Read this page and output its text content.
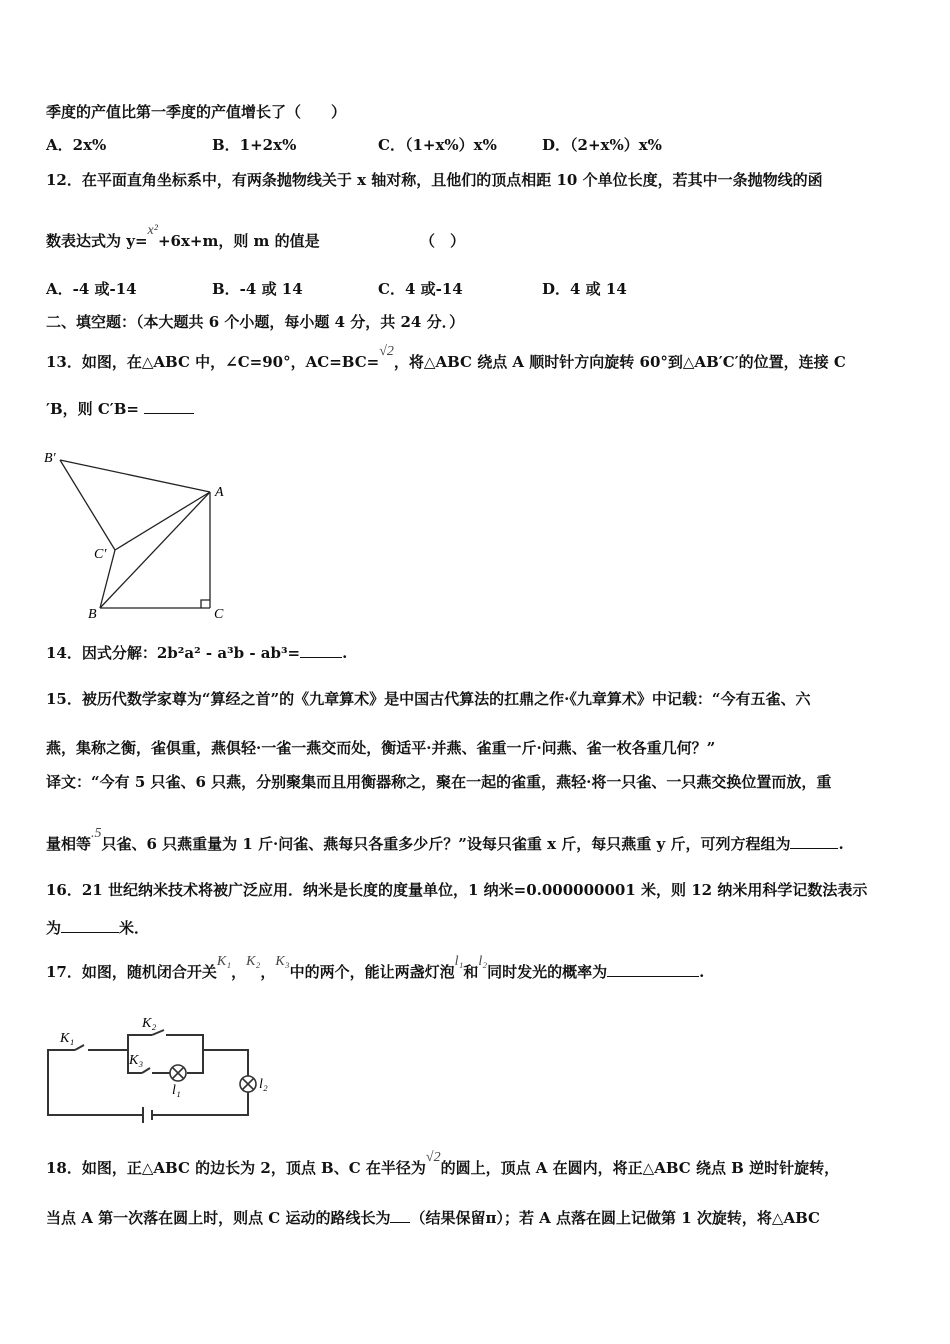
季度的产值比第一季度的产值增长了（　　）
A．2x%	B．1+2x%	C．（1+x%）x%	D．（2+x%）x%
12．在平面直角坐标系中，有两条抛物线关于 x 轴对称，且他们的顶点相距 10 个单位长度，若其中一条抛物线的函
数表达式为 y=x²+6x+m，则 m 的值是	（　）
A．-4 或-14	B．-4 或 14	C．4 或-14	D．4 或 14
二、填空题：（本大题共 6 个小题，每小题 4 分，共 24 分．）
13．如图，在△ABC 中，∠C=90°，AC=BC=√2，将△ABC 绕点 A 顺时针方向旋转 60°到△AB′C′的位置，连接 C
′B，则 C′B=
B′
A
C′
B	C
14．因式分解：2b²a² - a³b - ab³=	.
15．被历代数学家尊为“算经之首”的《九章算术》是中国古代算法的扛鼎之作·《九章算术》中记载：“今有五雀、六
燕，集称之衡，雀俱重，燕俱轻·一雀一燕交而处，衡适平·并燕、雀重一斤·问燕、雀一枚各重几何？”
译文：“今有 5 只雀、6 只燕，分别聚集而且用衡器称之，聚在一起的雀重，燕轻·将一只雀、一只燕交换位置而放，重
量相等.5只雀、6 只燕重量为 1 斤·问雀、燕每只各重多少斤？”设每只雀重 x 斤，每只燕重 y 斤，可列方程组为	.
16．21 世纪纳米技术将被广泛应用．纳米是长度的度量单位，1 纳米=0.000000001 米，则 12 纳米用科学记数法表示
为	米．
17．如图，随机闭合开关K₁，K₂，K₃中的两个，能让两盏灯泡l₁和l₂同时发光的概率为	.
K₁
K₂
K₃
l₁	l₂
18．如图，正△ABC 的边长为 2，顶点 B、C 在半径为√2的圆上，顶点 A 在圆内，将正△ABC 绕点 B 逆时针旋转，
当点 A 第一次落在圆上时，则点 C 运动的路线长为 （结果保留π）；若 A 点落在圆上记做第 1 次旋转，将△ABC
